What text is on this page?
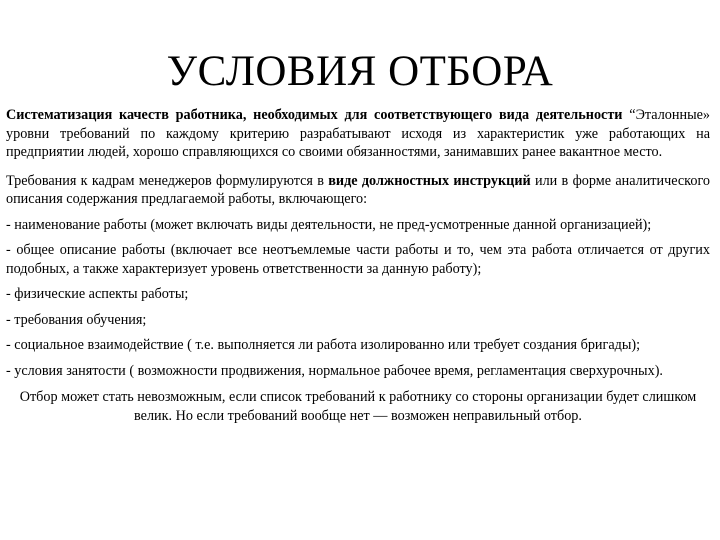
УСЛОВИЯ ОТБОРА

Систематизация качеств работника, необходимых для соответствующего вида деятельности “Эталонные» уровни требований по каждому критерию разрабатывают исходя из характеристик уже работающих на предприятии людей, хорошо справляющихся со своими обязанностями, занимавших ранее вакантное место.

Требования к кадрам менеджеров формулируются в виде должностных инструкций или в форме аналитического описания содержания предлагаемой работы, включающего:

- наименование работы (может включать виды деятельности, не пред-усмотренные данной организацией);

- общее описание работы (включает все неотъемлемые части работы и то, чем эта работа отличается от других подобных, а также характеризует уровень ответственности за данную работу);

- физические аспекты работы;

- требования обучения;

- социальное взаимодействие ( т.е. выполняется ли работа изолированно или требует создания бригады);

- условия занятости ( возможности продвижения, нормальное рабочее время, регламентация сверхурочных).

Отбор может стать невозможным, если список требований к работнику со стороны организации будет слишком велик. Но если требований вообще нет — возможен неправильный отбор.
